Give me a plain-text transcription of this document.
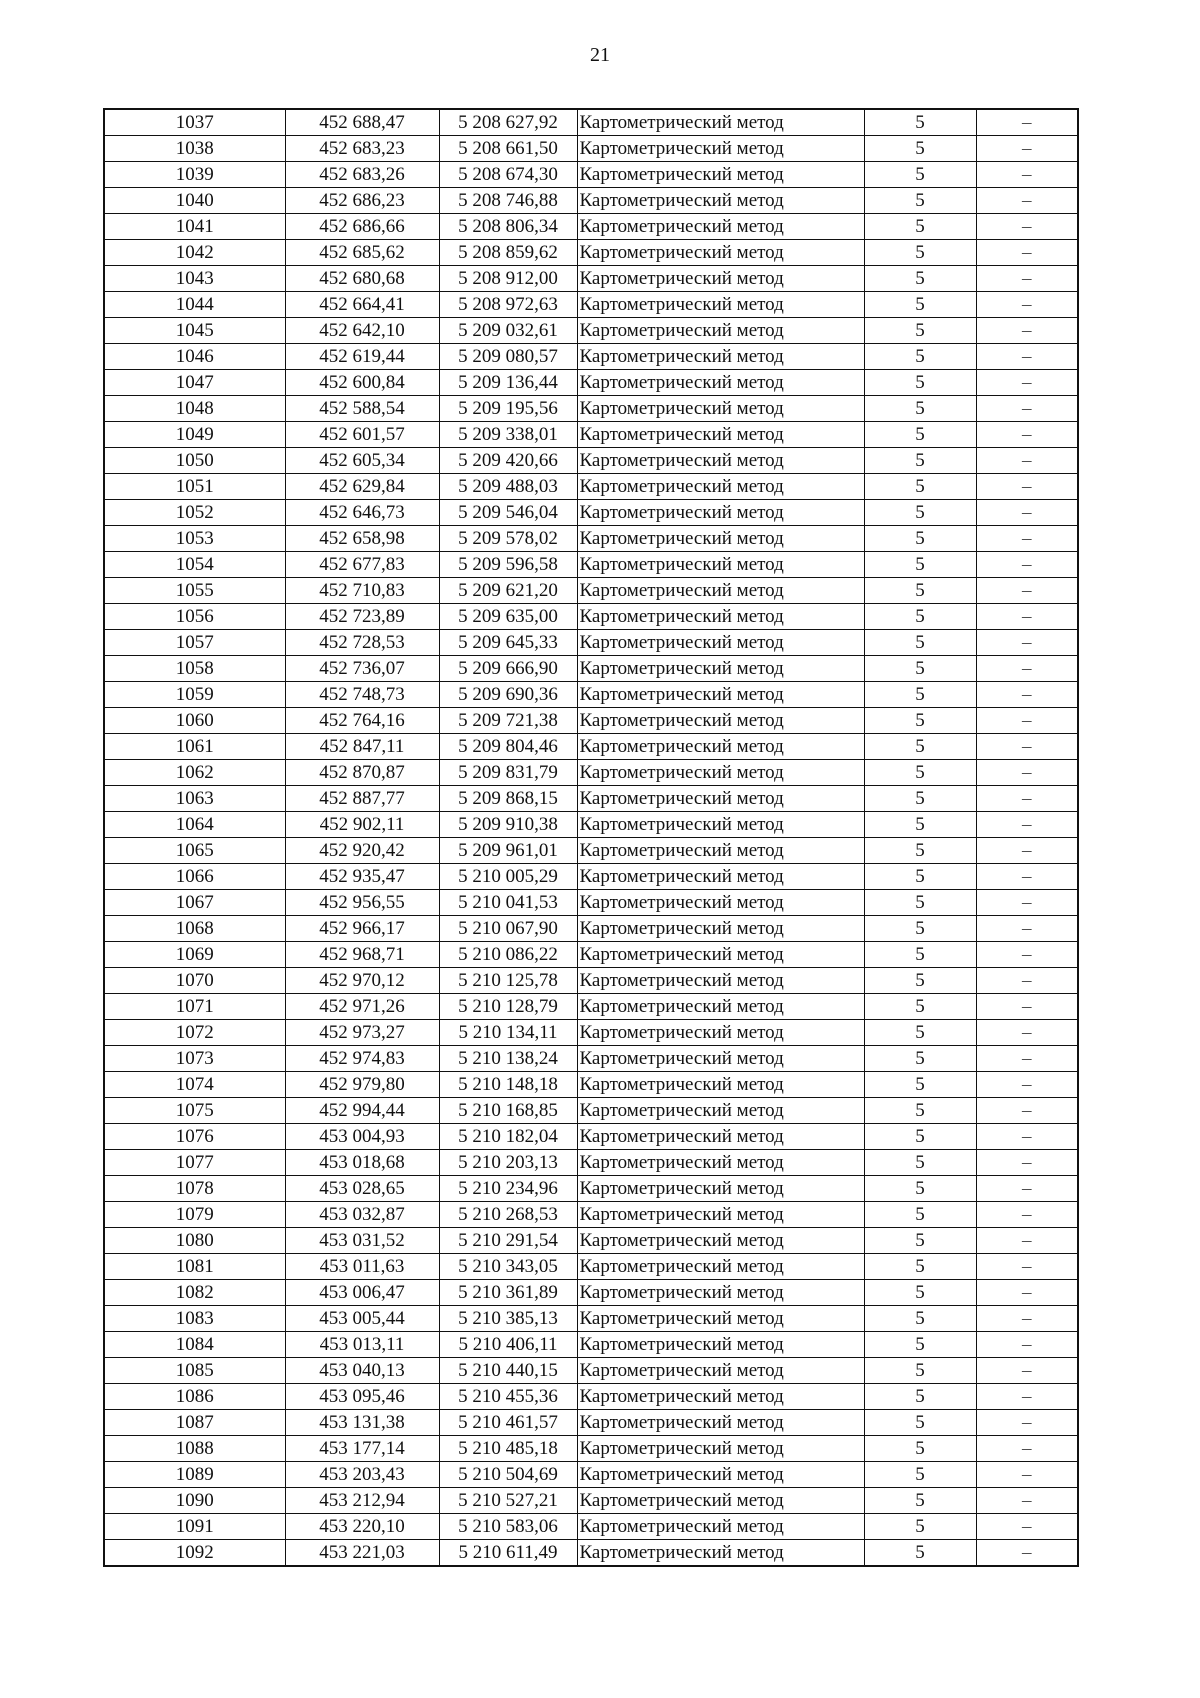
21
1037	452 688,47	5 208 627,92	Картометрический метод	5	–
1038	452 683,23	5 208 661,50	Картометрический метод	5	–
1039	452 683,26	5 208 674,30	Картометрический метод	5	–
1040	452 686,23	5 208 746,88	Картометрический метод	5	–
1041	452 686,66	5 208 806,34	Картометрический метод	5	–
1042	452 685,62	5 208 859,62	Картометрический метод	5	–
1043	452 680,68	5 208 912,00	Картометрический метод	5	–
1044	452 664,41	5 208 972,63	Картометрический метод	5	–
1045	452 642,10	5 209 032,61	Картометрический метод	5	–
1046	452 619,44	5 209 080,57	Картометрический метод	5	–
1047	452 600,84	5 209 136,44	Картометрический метод	5	–
1048	452 588,54	5 209 195,56	Картометрический метод	5	–
1049	452 601,57	5 209 338,01	Картометрический метод	5	–
1050	452 605,34	5 209 420,66	Картометрический метод	5	–
1051	452 629,84	5 209 488,03	Картометрический метод	5	–
1052	452 646,73	5 209 546,04	Картометрический метод	5	–
1053	452 658,98	5 209 578,02	Картометрический метод	5	–
1054	452 677,83	5 209 596,58	Картометрический метод	5	–
1055	452 710,83	5 209 621,20	Картометрический метод	5	–
1056	452 723,89	5 209 635,00	Картометрический метод	5	–
1057	452 728,53	5 209 645,33	Картометрический метод	5	–
1058	452 736,07	5 209 666,90	Картометрический метод	5	–
1059	452 748,73	5 209 690,36	Картометрический метод	5	–
1060	452 764,16	5 209 721,38	Картометрический метод	5	–
1061	452 847,11	5 209 804,46	Картометрический метод	5	–
1062	452 870,87	5 209 831,79	Картометрический метод	5	–
1063	452 887,77	5 209 868,15	Картометрический метод	5	–
1064	452 902,11	5 209 910,38	Картометрический метод	5	–
1065	452 920,42	5 209 961,01	Картометрический метод	5	–
1066	452 935,47	5 210 005,29	Картометрический метод	5	–
1067	452 956,55	5 210 041,53	Картометрический метод	5	–
1068	452 966,17	5 210 067,90	Картометрический метод	5	–
1069	452 968,71	5 210 086,22	Картометрический метод	5	–
1070	452 970,12	5 210 125,78	Картометрический метод	5	–
1071	452 971,26	5 210 128,79	Картометрический метод	5	–
1072	452 973,27	5 210 134,11	Картометрический метод	5	–
1073	452 974,83	5 210 138,24	Картометрический метод	5	–
1074	452 979,80	5 210 148,18	Картометрический метод	5	–
1075	452 994,44	5 210 168,85	Картометрический метод	5	–
1076	453 004,93	5 210 182,04	Картометрический метод	5	–
1077	453 018,68	5 210 203,13	Картометрический метод	5	–
1078	453 028,65	5 210 234,96	Картометрический метод	5	–
1079	453 032,87	5 210 268,53	Картометрический метод	5	–
1080	453 031,52	5 210 291,54	Картометрический метод	5	–
1081	453 011,63	5 210 343,05	Картометрический метод	5	–
1082	453 006,47	5 210 361,89	Картометрический метод	5	–
1083	453 005,44	5 210 385,13	Картометрический метод	5	–
1084	453 013,11	5 210 406,11	Картометрический метод	5	–
1085	453 040,13	5 210 440,15	Картометрический метод	5	–
1086	453 095,46	5 210 455,36	Картометрический метод	5	–
1087	453 131,38	5 210 461,57	Картометрический метод	5	–
1088	453 177,14	5 210 485,18	Картометрический метод	5	–
1089	453 203,43	5 210 504,69	Картометрический метод	5	–
1090	453 212,94	5 210 527,21	Картометрический метод	5	–
1091	453 220,10	5 210 583,06	Картометрический метод	5	–
1092	453 221,03	5 210 611,49	Картометрический метод	5	–
